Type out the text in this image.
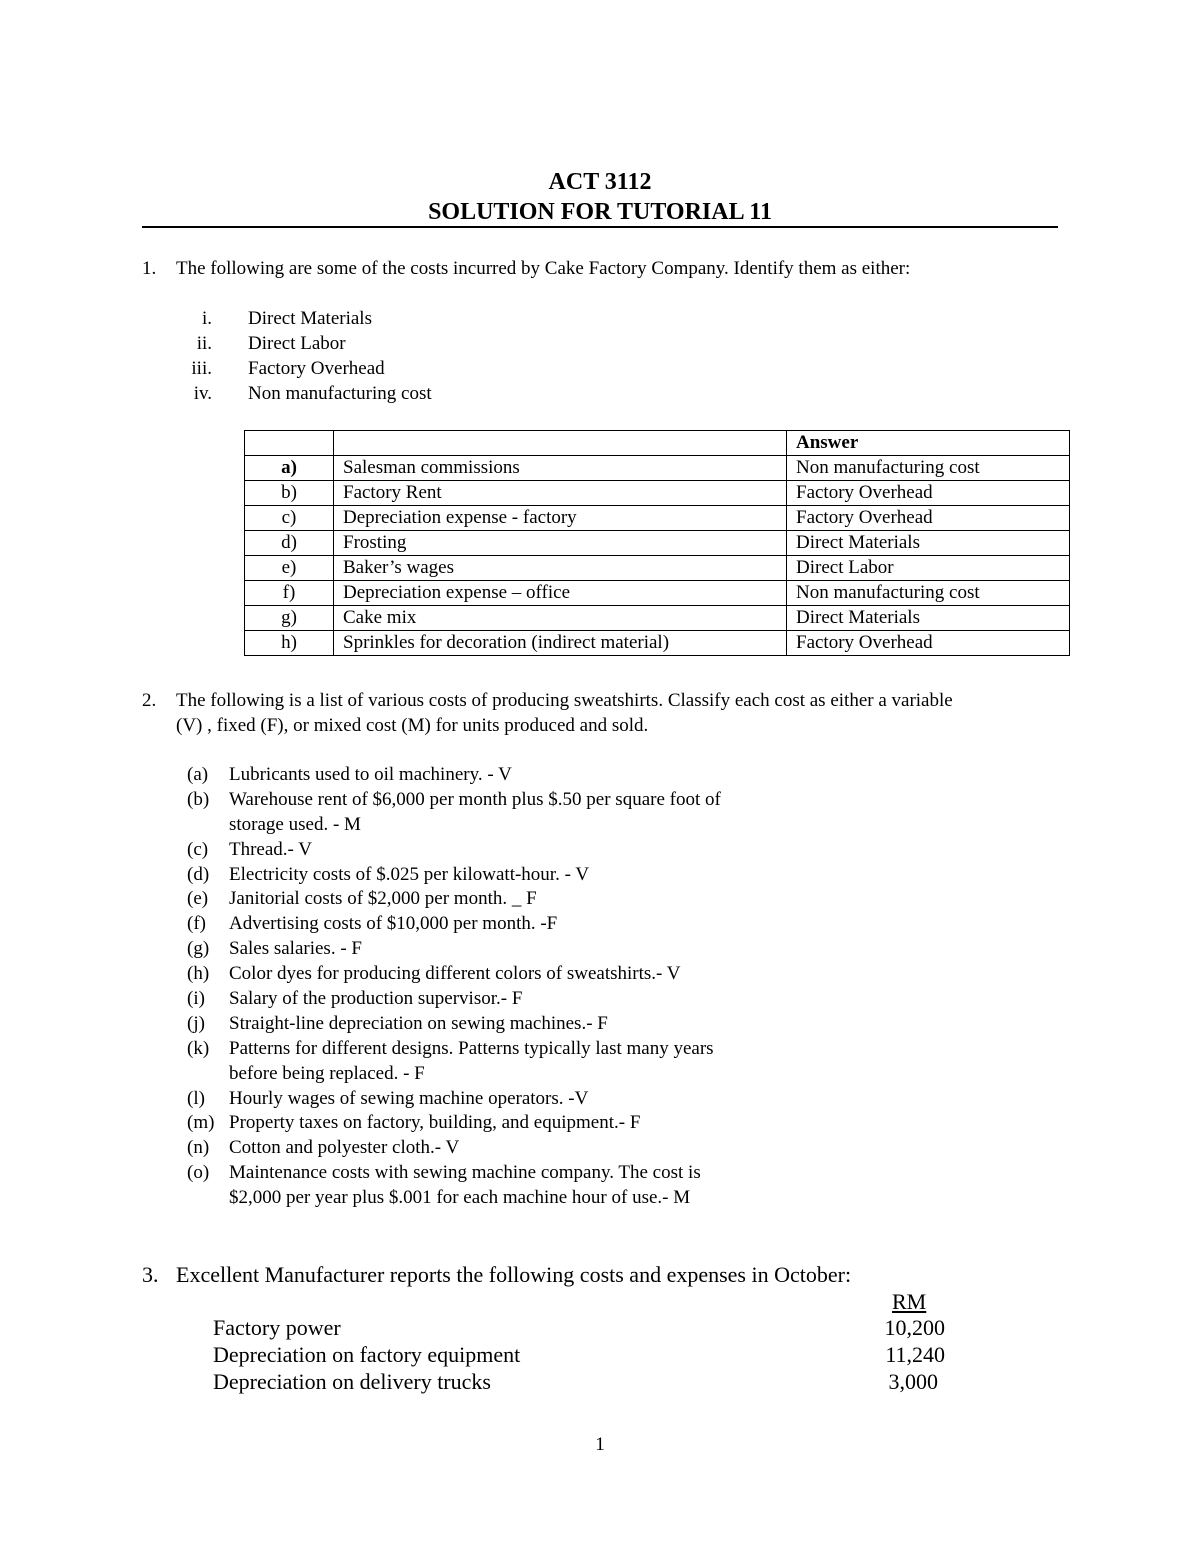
ACT 3112
SOLUTION FOR TUTORIAL 11
1. The following are some of the costs incurred by Cake Factory Company. Identify them as either:
i. Direct Materials
ii. Direct Labor
iii. Factory Overhead
iv. Non manufacturing cost
		Answer
a)	Salesman commissions	Non manufacturing cost
b)	Factory Rent	Factory Overhead
c)	Depreciation expense - factory	Factory Overhead
d)	Frosting	Direct Materials
e)	Baker’s wages	Direct Labor
f)	Depreciation expense – office	Non manufacturing cost
g)	Cake mix	Direct Materials
h)	Sprinkles for decoration (indirect material)	Factory Overhead
2. The following is a list of various costs of producing sweatshirts. Classify each cost as either a variable
(V) , fixed (F), or mixed cost (M) for units produced and sold.
(a) Lubricants used to oil machinery. - V
(b) Warehouse rent of $6,000 per month plus $.50 per square foot of
storage used. - M
(c) Thread.- V
(d) Electricity costs of $.025 per kilowatt-hour. - V
(e) Janitorial costs of $2,000 per month. _ F
(f) Advertising costs of $10,000 per month. -F
(g) Sales salaries. - F
(h) Color dyes for producing different colors of sweatshirts.- V
(i) Salary of the production supervisor.- F
(j) Straight-line depreciation on sewing machines.- F
(k) Patterns for different designs. Patterns typically last many years
before being replaced. - F
(l) Hourly wages of sewing machine operators. -V
(m) Property taxes on factory, building, and equipment.- F
(n) Cotton and polyester cloth.- V
(o) Maintenance costs with sewing machine company. The cost is
$2,000 per year plus $.001 for each machine hour of use.- M
3. Excellent Manufacturer reports the following costs and expenses in October:
RM
Factory power	10,200
Depreciation on factory equipment	11,240
Depreciation on delivery trucks	3,000
1
